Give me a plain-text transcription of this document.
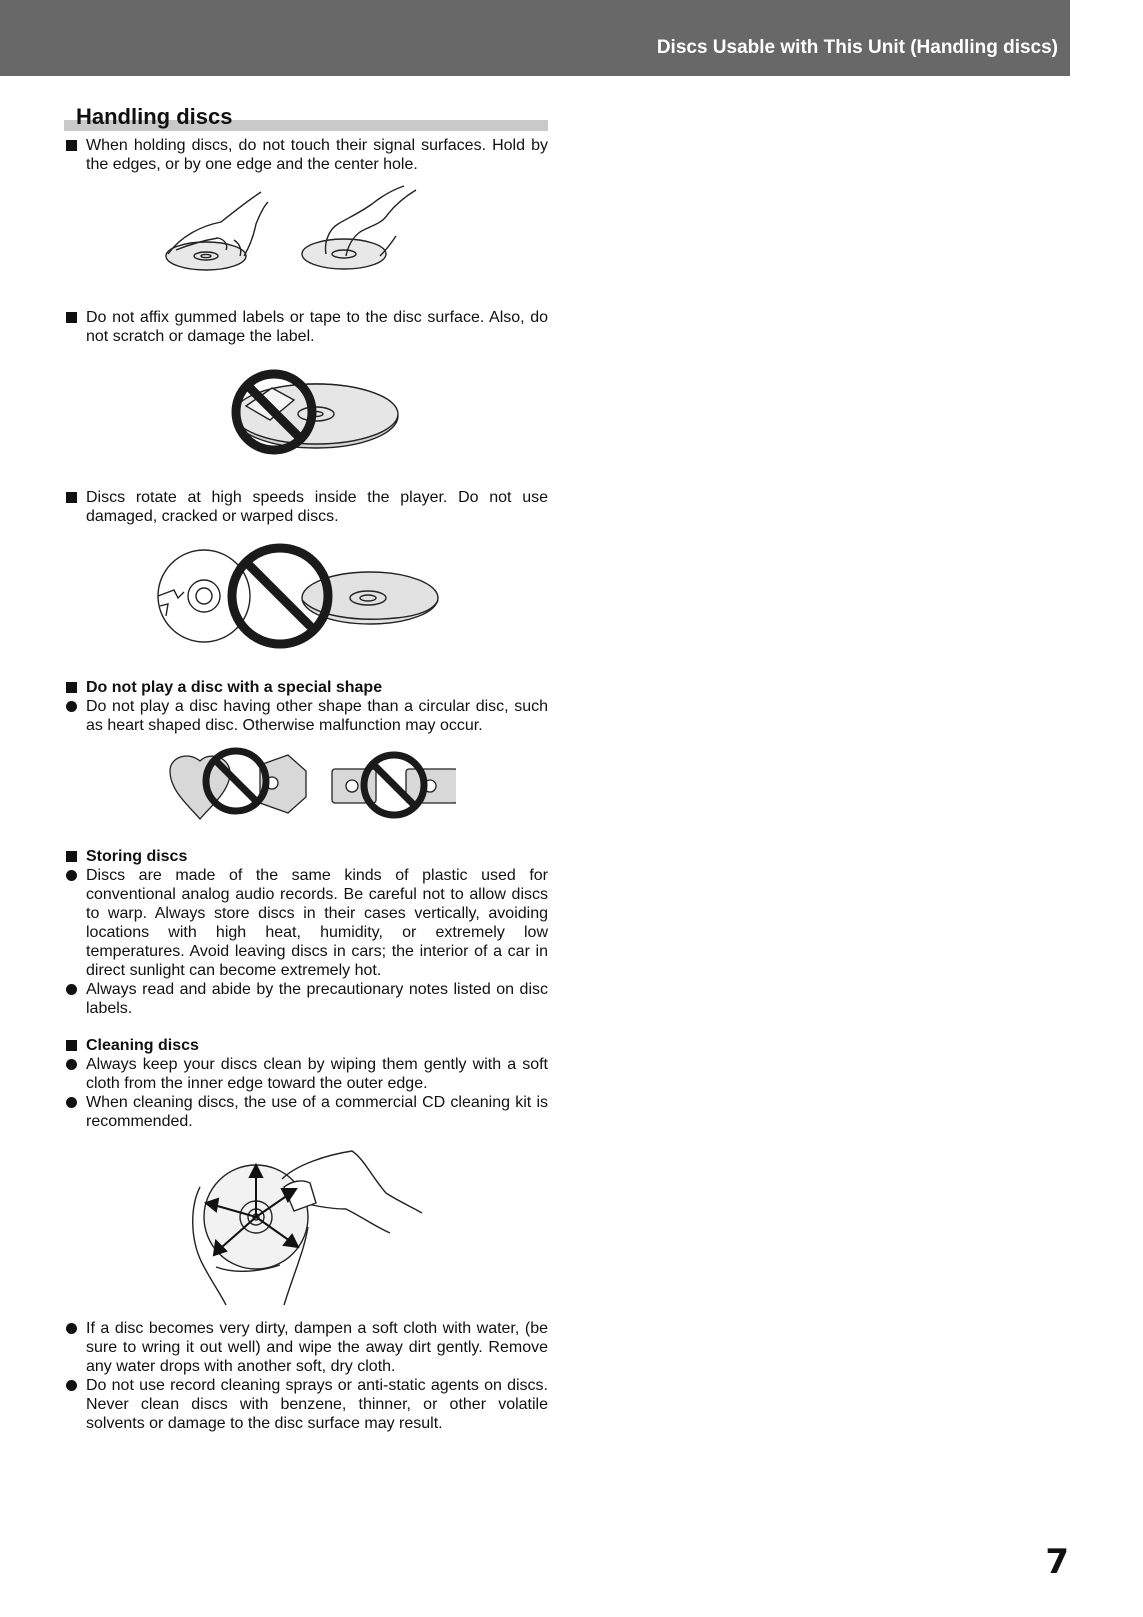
Discs Usable with This Unit (Handling discs)
Handling discs
When holding discs, do not touch their signal surfaces. Hold by the edges, or by one edge and the center hole.
Do not affix gummed labels or tape to the disc surface. Also, do not scratch or damage the label.
Discs rotate at high speeds inside the player. Do not use damaged, cracked or warped discs.
Do not play a disc with a special shape
Do not play a disc having other shape than a circular disc, such as heart shaped disc. Otherwise malfunction may occur.
Storing discs
Discs are made of the same kinds of plastic used for conventional analog audio records. Be careful not to allow discs to warp. Always store discs in their cases vertically, avoiding locations with high heat, humidity, or extremely low temperatures. Avoid leaving discs in cars; the interior of a car in direct sunlight can become extremely hot.
Always read and abide by the precautionary notes listed on disc labels.
Cleaning discs
Always keep your discs clean by wiping them gently with a soft cloth from the inner edge toward the outer edge.
When cleaning discs, the use of a commercial CD cleaning kit is recommended.
If a disc becomes very dirty, dampen a soft cloth with water, (be sure to wring it out well) and wipe the away dirt gently. Remove any water drops with another soft, dry cloth.
Do not use record cleaning sprays or anti-static agents on discs. Never clean discs with benzene, thinner, or other volatile solvents or damage to the disc surface may result.
7
